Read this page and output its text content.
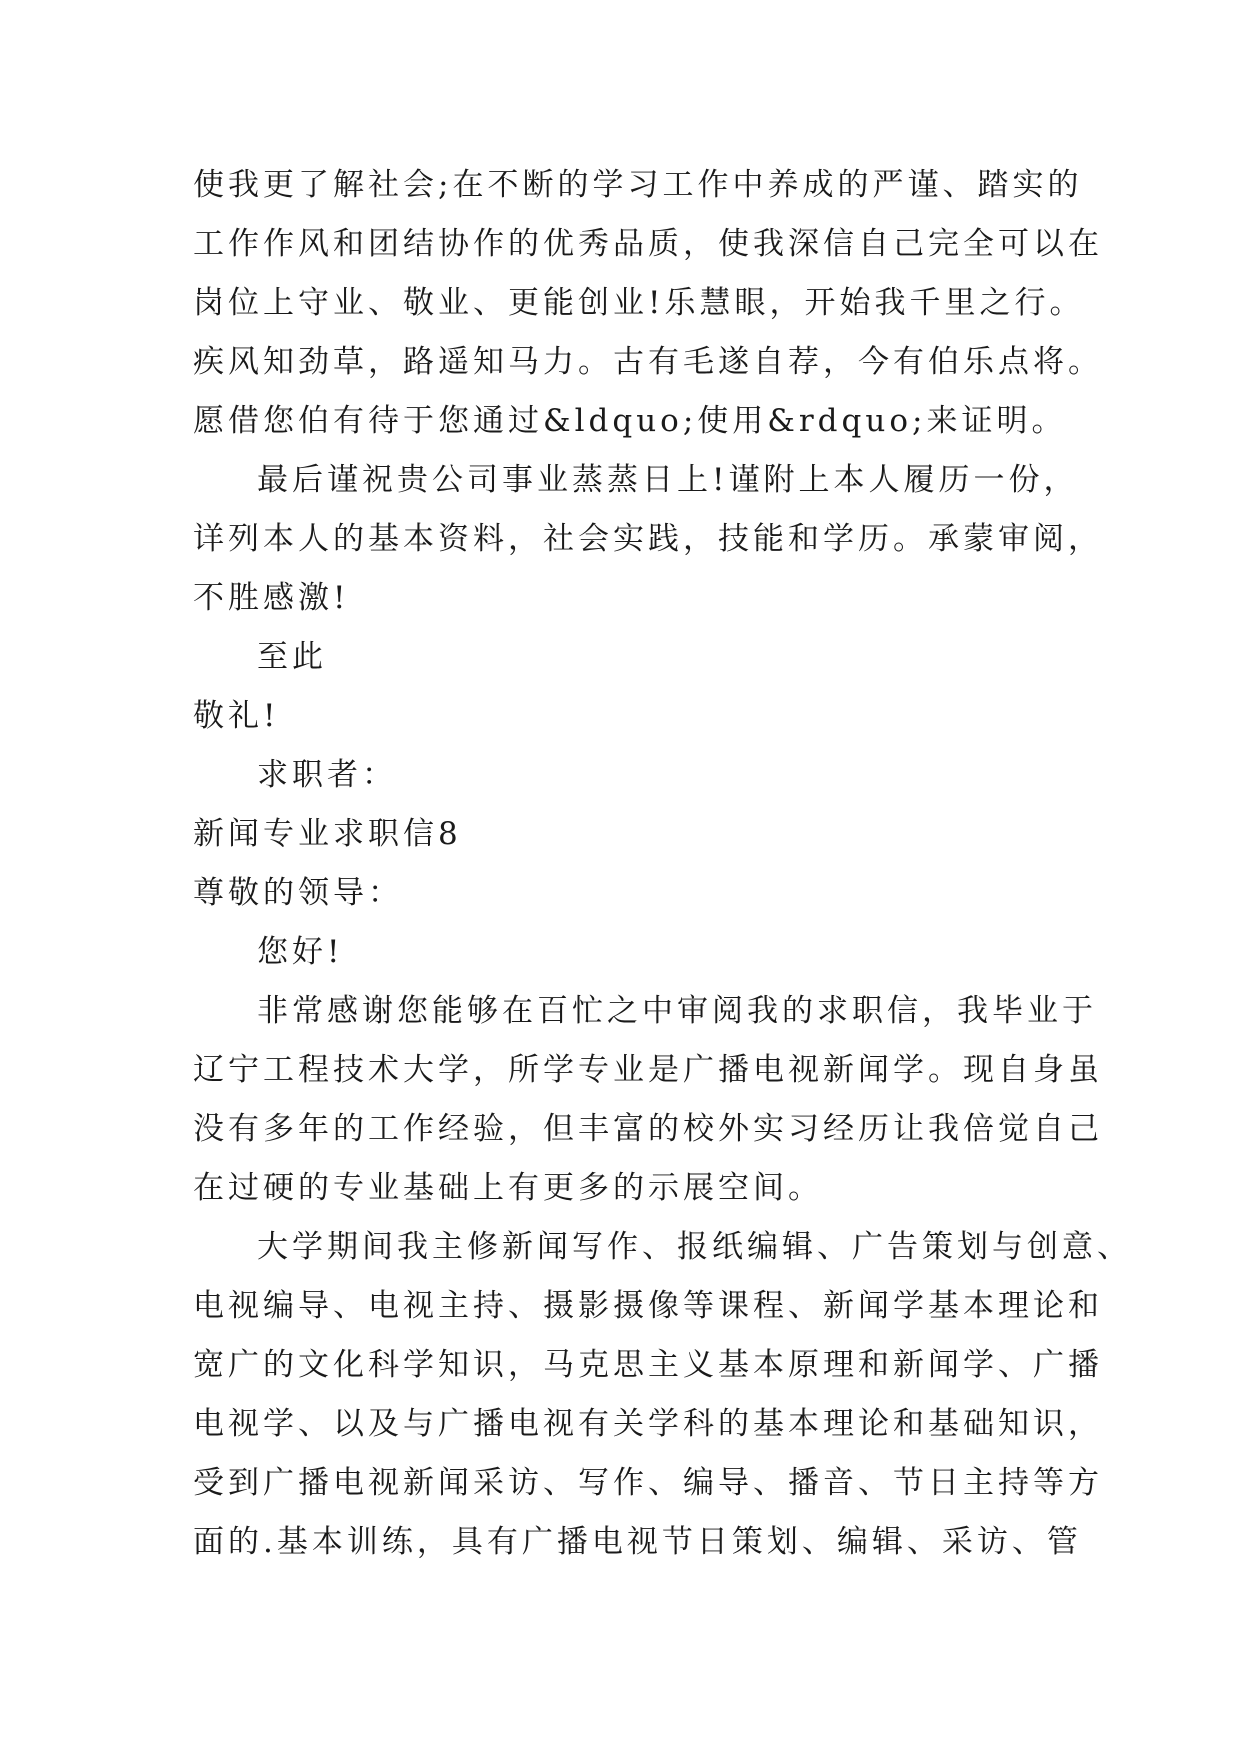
使我更了解社会;在不断的学习工作中养成的严谨、踏实的
工作作风和团结协作的优秀品质，使我深信自己完全可以在
岗位上守业、敬业、更能创业!乐慧眼，开始我千里之行。
疾风知劲草，路遥知马力。古有毛遂自荐，今有伯乐点将。
愿借您伯有待于您通过&ldquo;使用&rdquo;来证明。
最后谨祝贵公司事业蒸蒸日上!谨附上本人履历一份，
详列本人的基本资料，社会实践，技能和学历。承蒙审阅，
不胜感激!
至此
敬礼!
求职者：
新闻专业求职信8
尊敬的领导：
您好!
非常感谢您能够在百忙之中审阅我的求职信，我毕业于
辽宁工程技术大学，所学专业是广播电视新闻学。现自身虽
没有多年的工作经验，但丰富的校外实习经历让我倍觉自己
在过硬的专业基础上有更多的示展空间。
大学期间我主修新闻写作、报纸编辑、广告策划与创意、
电视编导、电视主持、摄影摄像等课程、新闻学基本理论和
宽广的文化科学知识，马克思主义基本原理和新闻学、广播
电视学、以及与广播电视有关学科的基本理论和基础知识，
受到广播电视新闻采访、写作、编导、播音、节日主持等方
面的.基本训练，具有广播电视节日策划、编辑、采访、管
